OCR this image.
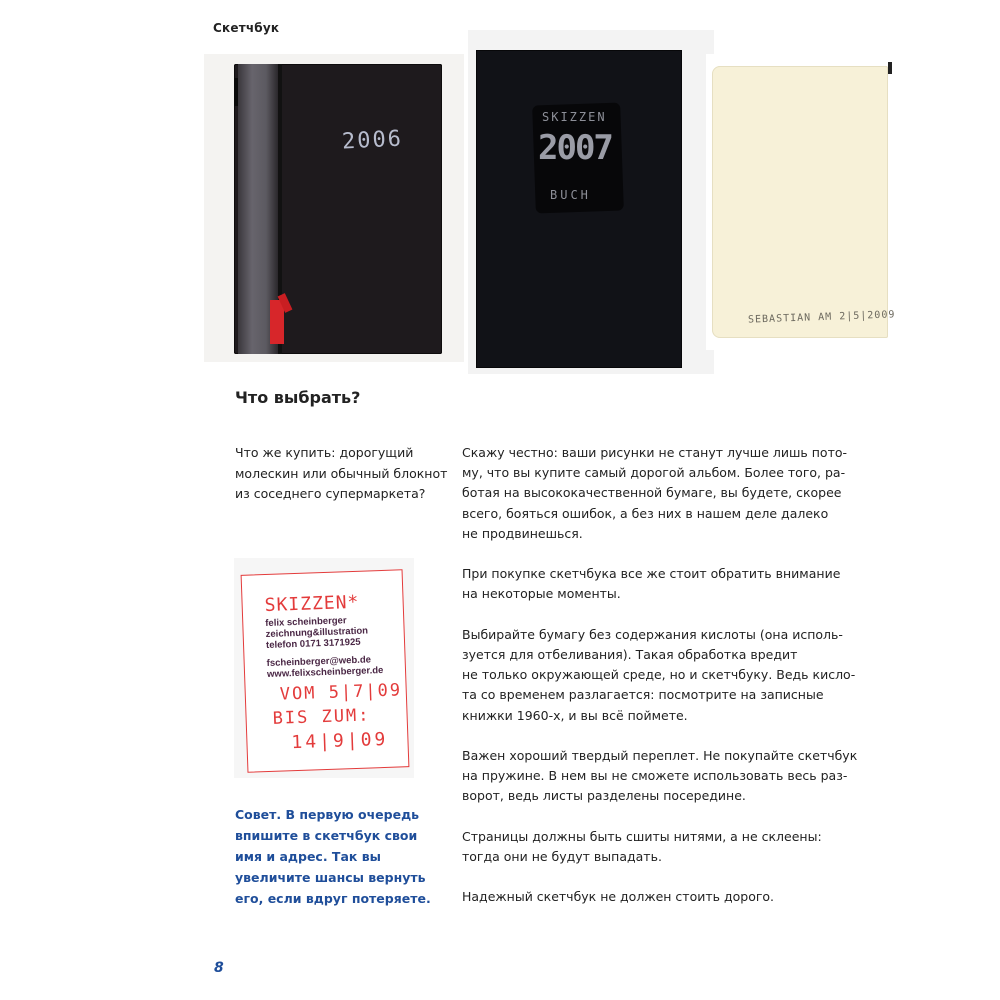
Скетчбук
2006
SKIZZEN
2007
BUCH
SEBASTIAN AM 2|5|2009
Что выбрать?
Что же купить: дорогущий
молескин или обычный блокнот
из соседнего супермаркета?
SKIZZEN*
felix scheinberger
zeichnung&illustration
telefon 0171 3171925
fscheinberger@web.de
www.felixscheinberger.de
VOM 5|7|09
BIS ZUM:
14|9|09
Совет. В первую очередь
впишите в скетчбук свои
имя и адрес. Так вы
увеличите шансы вернуть
его, если вдруг потеряете.
Скажу честно: ваши рисунки не станут лучше лишь пото-
му, что вы купите самый дорогой альбом. Более того, ра-
ботая на высококачественной бумаге, вы будете, скорее
всего, бояться ошибок, а без них в нашем деле далеко
не продвинешься.
При покупке скетчбука все же стоит обратить внимание
на некоторые моменты.
Выбирайте бумагу без содержания кислоты (она исполь-
зуется для отбеливания). Такая обработка вредит
не только окружающей среде, но и скетчбуку. Ведь кисло-
та со временем разлагается: посмотрите на записные
книжки 1960-х, и вы всё поймете.
Важен хороший твердый переплет. Не покупайте скетчбук
на пружине. В нем вы не сможете использовать весь раз-
ворот, ведь листы разделены посередине.
Страницы должны быть сшиты нитями, а не склеены:
тогда они не будут выпадать.
Надежный скетчбук не должен стоить дорого.
8
